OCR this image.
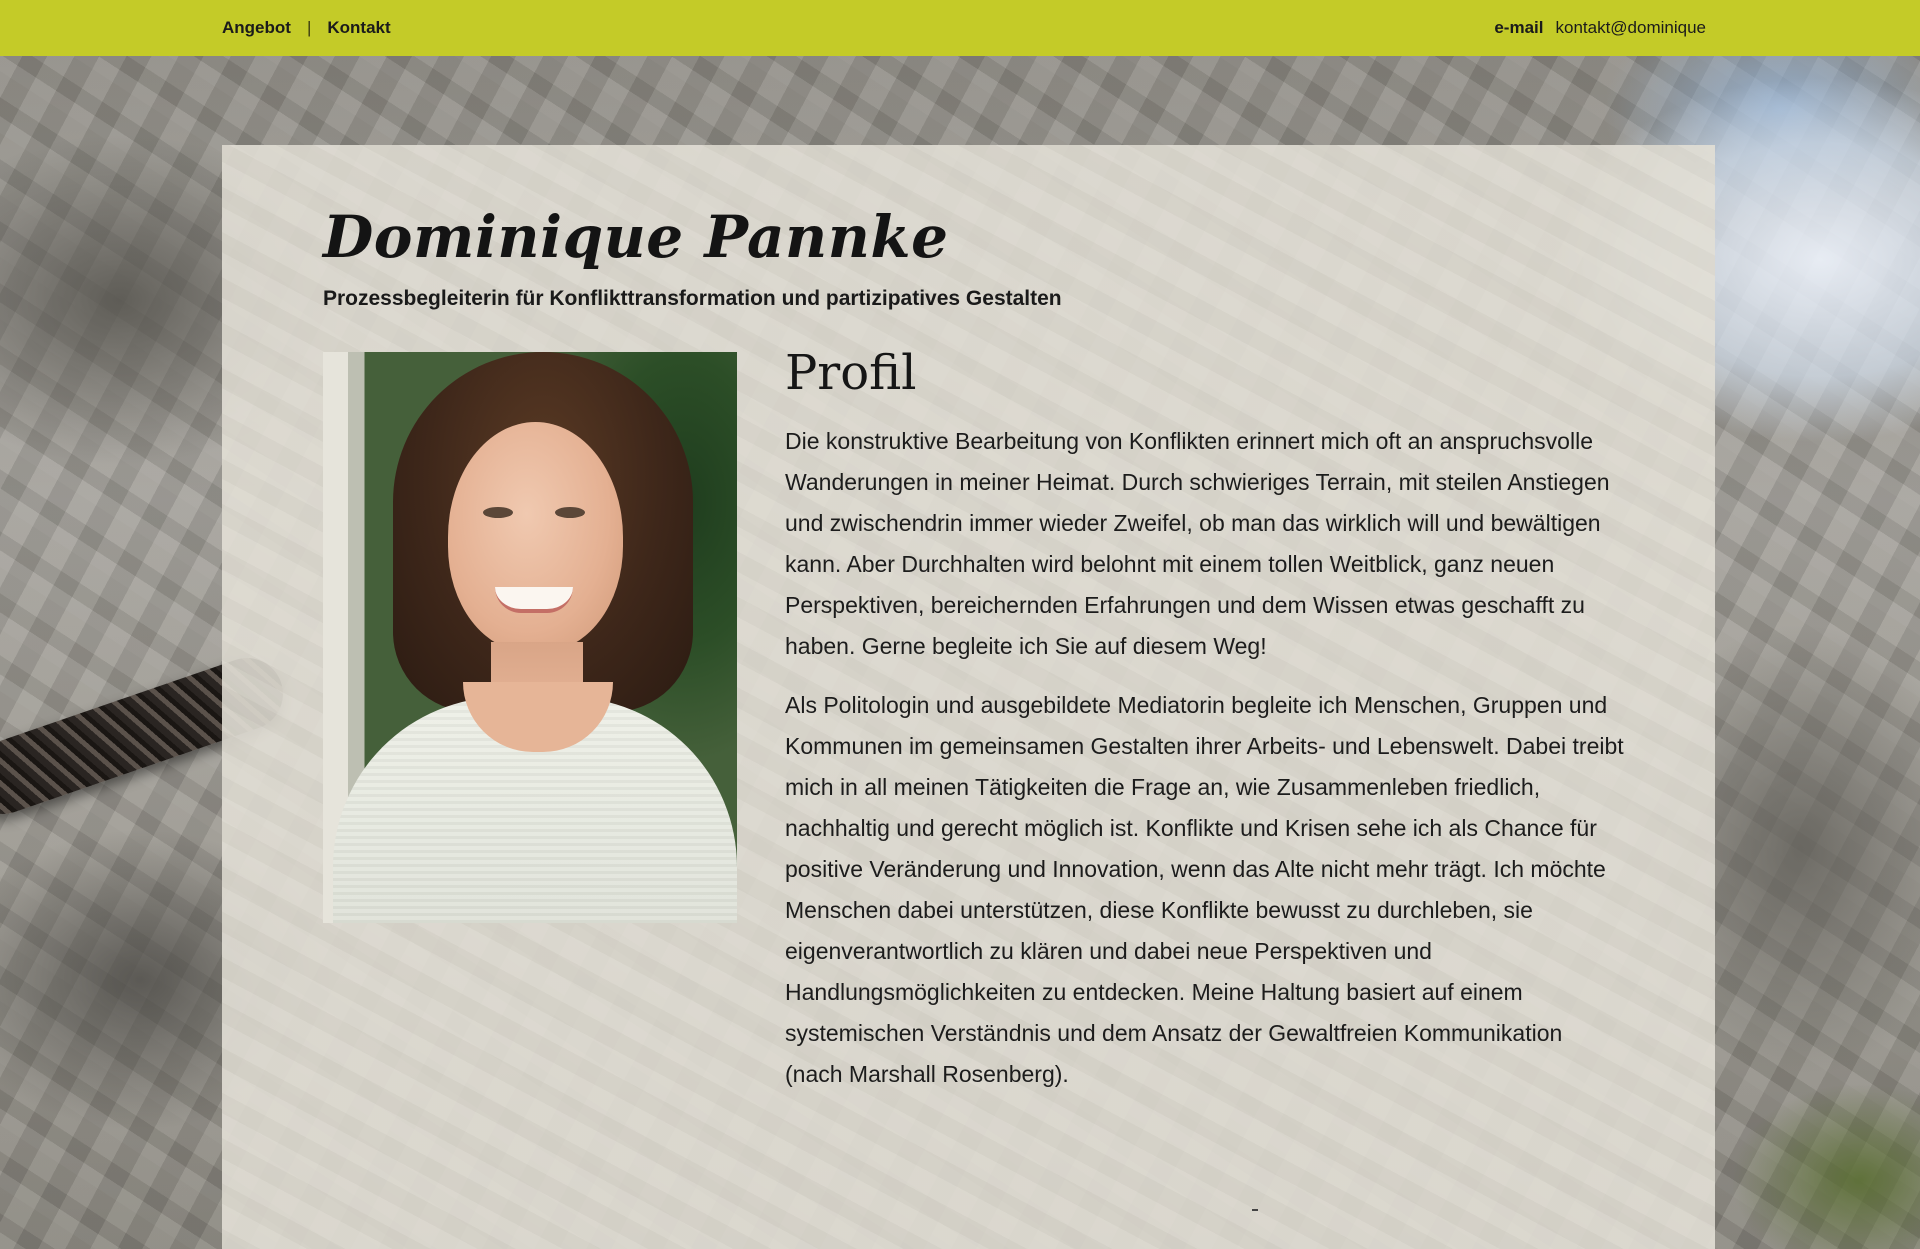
Angebot | Kontakt	e-mail kontakt@dominique
Dominique Pannke
Prozessbegleiterin für Konflikttransformation und partizipatives Gestalten
Profil

Die konstruktive Bearbeitung von Konflikten erinnert mich oft an anspruchsvolle Wanderungen in meiner Heimat. Durch schwieriges Terrain, mit steilen Anstiegen und zwischendrin immer wieder Zweifel, ob man das wirklich will und bewältigen kann. Aber Durchhalten wird belohnt mit einem tollen Weitblick, ganz neuen Perspektiven, bereichernden Erfahrungen und dem Wissen etwas geschafft zu haben. Gerne begleite ich Sie auf diesem Weg!

Als Politologin und ausgebildete Mediatorin begleite ich Menschen, Gruppen und Kommunen im gemeinsamen Gestalten ihrer Arbeits- und Lebenswelt. Dabei treibt mich in all meinen Tätigkeiten die Frage an, wie Zusammenleben friedlich, nachhaltig und gerecht möglich ist. Konflikte und Krisen sehe ich als Chance für positive Veränderung und Innovation, wenn das Alte nicht mehr trägt. Ich möchte Menschen dabei unterstützen, diese Konflikte bewusst zu durchleben, sie eigenverantwortlich zu klären und dabei neue Perspektiven und Handlungsmöglichkeiten zu entdecken. Meine Haltung basiert auf einem systemischen Verständnis und dem Ansatz der Gewaltfreien Kommunikation (nach Marshall Rosenberg).
